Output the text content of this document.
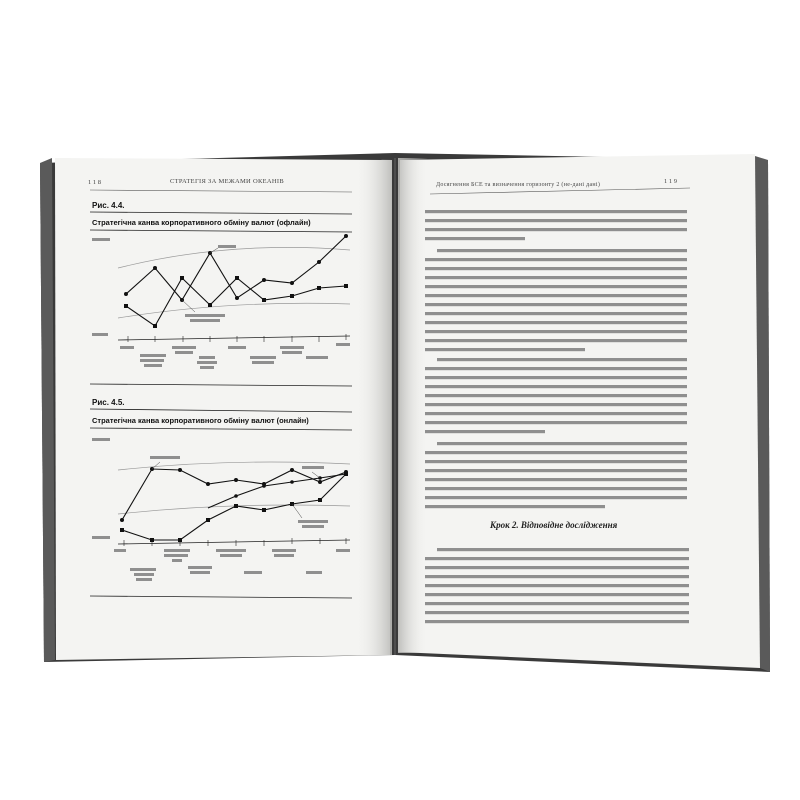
1 1 8	СТРАТЕГІЯ ЗА МЕЖАМИ ОКЕАНІВ
Рис. 4.4.
Стратегічна канва корпоративного обміну валют (офлайн)
Рис. 4.5.
Стратегічна канва корпоративного обміну валют (онлайн)
Досягнення БСЕ та визначення горизонту 2 (не-дані дані)	1 1 9
Крок 2. Відповідне дослідження
